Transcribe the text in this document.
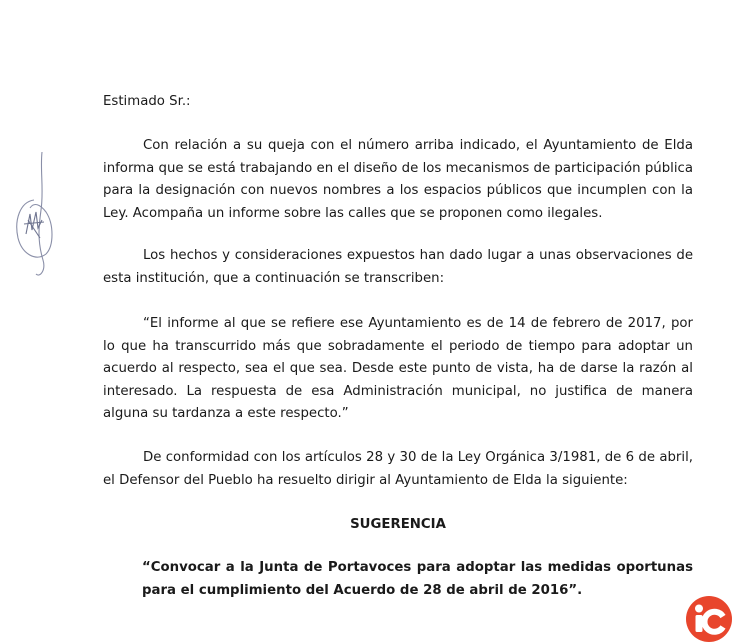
Estimado Sr.:

Con relación a su queja con el número arriba indicado, el Ayuntamiento de Elda informa que se está trabajando en el diseño de los mecanismos de participación pública para la designación con nuevos nombres a los espacios públicos que incumplen con la Ley. Acompaña un informe sobre las calles que se proponen como ilegales.

Los hechos y consideraciones expuestos han dado lugar a unas observaciones de esta institución, que a continuación se transcriben:

“El informe al que se refiere ese Ayuntamiento es de 14 de febrero de 2017, por lo que ha transcurrido más que sobradamente el periodo de tiempo para adoptar un acuerdo al respecto, sea el que sea. Desde este punto de vista, ha de darse la razón al interesado. La respuesta de esa Administración municipal, no justifica de manera alguna su tardanza a este respecto.”

De conformidad con los artículos 28 y 30 de la Ley Orgánica 3/1981, de 6 de abril, el Defensor del Pueblo ha resuelto dirigir al Ayuntamiento de Elda la siguiente:

SUGERENCIA

“Convocar a la Junta de Portavoces para adoptar las medidas oportunas para el cumplimiento del Acuerdo de 28 de abril de 2016”.
